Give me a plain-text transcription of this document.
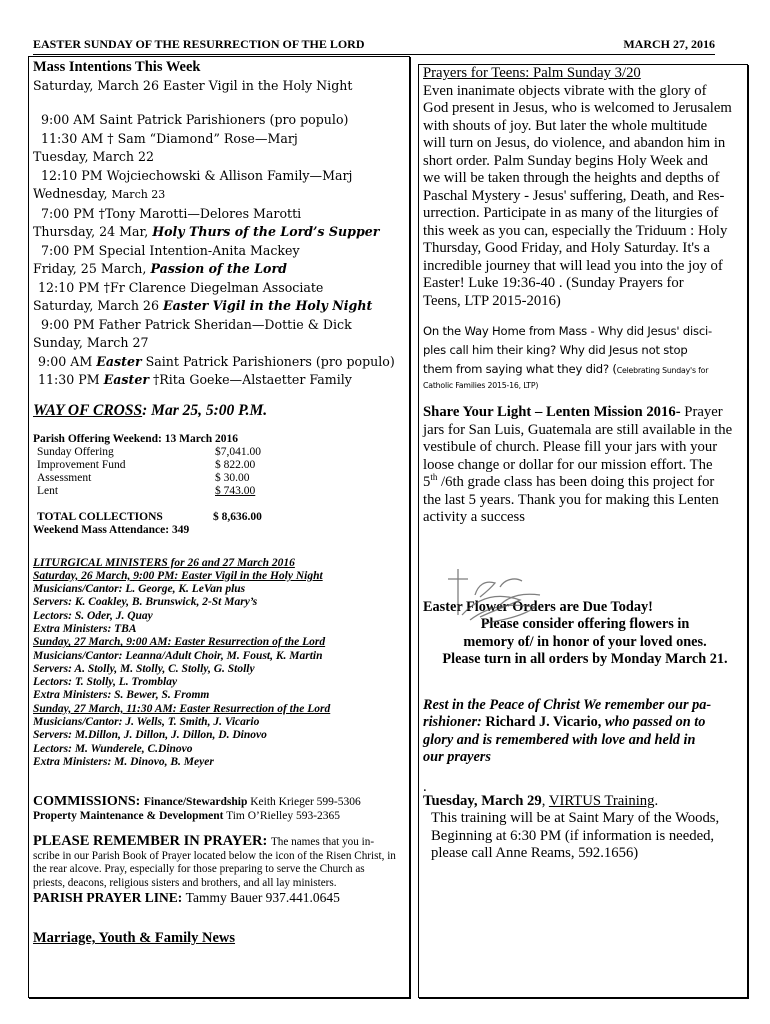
EASTER SUNDAY OF THE RESURRECTION OF THE LORD	MARCH 27, 2016
Mass Intentions This Week
Saturday, March 26 Easter Vigil in the Holy Night
9:00 AM Saint Patrick Parishioners (pro populo)
11:30 AM † Sam “Diamond” Rose—Marj
Tuesday, March 22
12:10 PM Wojciechowski & Allison Family—Marj
Wednesday, March 23
7:00 PM †Tony Marotti—Delores Marotti
Thursday, 24 Mar, Holy Thurs of the Lord’s Supper
7:00 PM Special Intention-Anita Mackey
Friday, 25 March, Passion of the Lord
12:10 PM †Fr Clarence Diegelman Associate
Saturday, March 26 Easter Vigil in the Holy Night
9:00 PM Father Patrick Sheridan—Dottie & Dick
Sunday, March 27
9:00 AM Easter Saint Patrick Parishioners (pro populo)
11:30 PM Easter †Rita Goeke—Alstaetter Family
WAY OF CROSS: Mar 25, 5:00 P.M.
Parish Offering Weekend: 13 March 2016
Sunday Offering	$7,041.00
Improvement Fund	$ 822.00
Assessment	$ 30.00
Lent	$ 743.00
TOTAL COLLECTIONS	$ 8,636.00
Weekend Mass Attendance: 349
LITURGICAL MINISTERS for 26 and 27 March 2016
Saturday, 26 March, 9:00 PM: Easter Vigil in the Holy Night
Musicians/Cantor: L. George, K. LeVan plus
Servers: K. Coakley, B. Brunswick, 2-St Mary’s
Lectors: S. Oder, J. Quay
Extra Ministers: TBA
Sunday, 27 March, 9:00 AM: Easter Resurrection of the Lord
Musicians/Cantor: Leanna/Adult Choir, M. Foust, K. Martin
Servers: A. Stolly, M. Stolly, C. Stolly, G. Stolly
Lectors: T. Stolly, L. Tromblay
Extra Ministers: S. Bewer, S. Fromm
Sunday, 27 March, 11:30 AM: Easter Resurrection of the Lord
Musicians/Cantor: J. Wells, T. Smith, J. Vicario
Servers: M.Dillon, J. Dillon, J. Dillon, D. Dinovo
Lectors: M. Wunderele, C.Dinovo
Extra Ministers: M. Dinovo, B. Meyer
COMMISSIONS: Finance/Stewardship Keith Krieger 599-5306
Property Maintenance & Development Tim O’Rielley 593-2365
PLEASE REMEMBER IN PRAYER: The names that you in-
scribe in our Parish Book of Prayer located below the icon of the Risen Christ, in
the rear alcove. Pray, especially for those preparing to serve the Church as
priests, deacons, religious sisters and brothers, and all lay ministers.
PARISH PRAYER LINE: Tammy Bauer 937.441.0645
Marriage, Youth & Family News
Prayers for Teens: Palm Sunday 3/20
Even inanimate objects vibrate with the glory of
God present in Jesus, who is welcomed to Jerusalem
with shouts of joy. But later the whole multitude
will turn on Jesus, do violence, and abandon him in
short order. Palm Sunday begins Holy Week and
we will be taken through the heights and depths of
Paschal Mystery - Jesus' suffering, Death, and Res-
urrection. Participate in as many of the liturgies of
this week as you can, especially the Triduum : Holy
Thursday, Good Friday, and Holy Saturday. It's a
incredible journey that will lead you into the joy of
Easter! Luke 19:36-40 . (Sunday Prayers for
Teens, LTP 2015-2016)
On the Way Home from Mass - Why did Jesus' disci-
ples call him their king? Why did Jesus not stop
them from saying what they did? (Celebrating Sunday's for
Catholic Families 2015-16, LTP)
Share Your Light – Lenten Mission 2016- Prayer
jars for San Luis, Guatemala are still available in the
vestibule of church. Please fill your jars with your
loose change or dollar for our mission effort. The
5th /6th grade class has been doing this project for
the last 5 years. Thank you for making this Lenten
activity a success
Easter Flower Orders are Due Today!
Please consider offering flowers in
memory of/ in honor of your loved ones.
Please turn in all orders by Monday March 21.
Rest in the Peace of Christ We remember our pa-
rishioner: Richard J. Vicario, who passed on to
glory and is remembered with love and held in
our prayers
.
Tuesday, March 29, VIRTUS Training.
This training will be at Saint Mary of the Woods,
Beginning at 6:30 PM (if information is needed,
please call Anne Reams, 592.1656)
